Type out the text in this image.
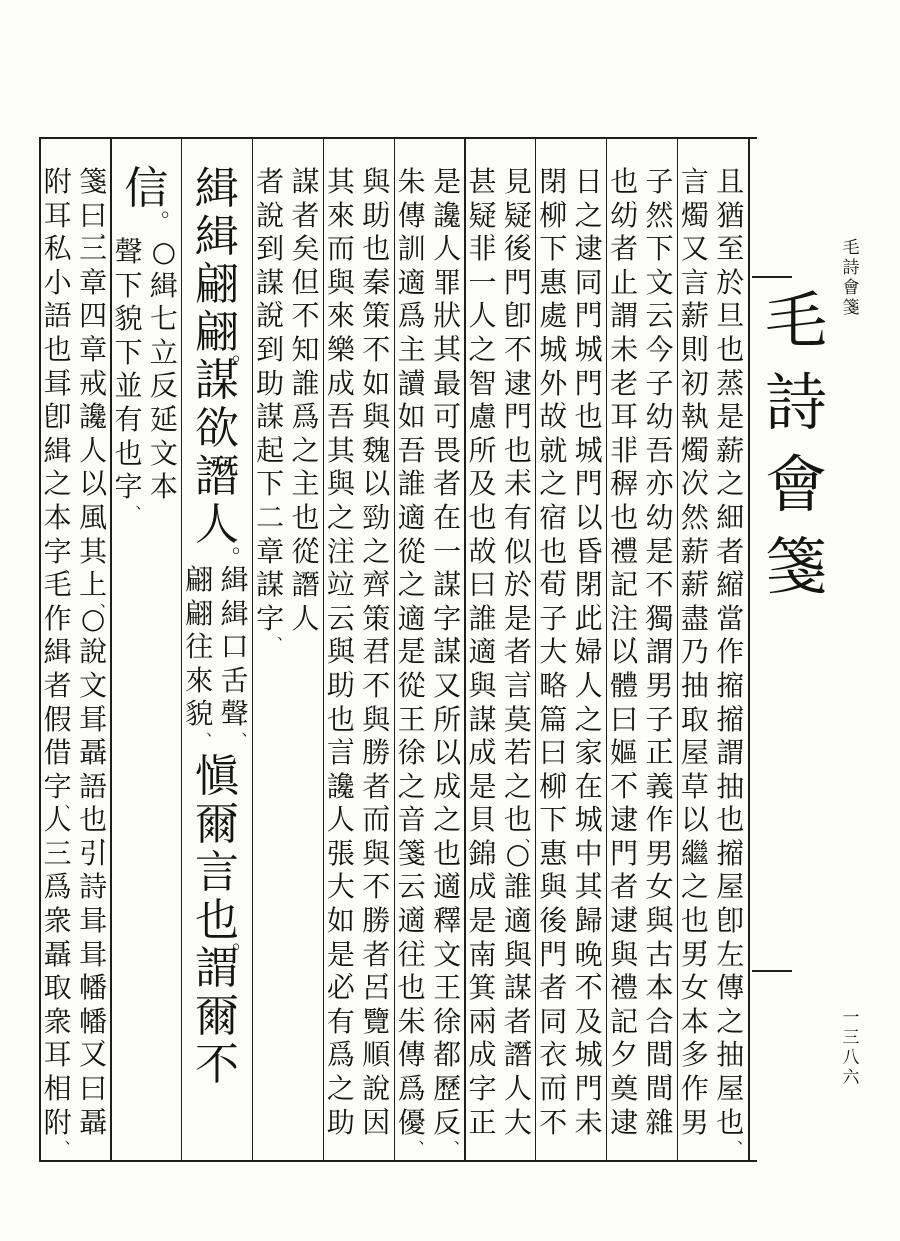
毛
詩
會
箋
毛
詩
會
箋
一
三
八
六
且
猶
至
於
旦
也
、
蒸
是
薪
之
細
者
、
縮
當
作
摍
、
摍
謂
抽
也
、
摍
屋
卽
左
傳
之
抽
屋
也
、
言
燭
又
言
薪
、
則
初
執
燭
、
次
然
薪
、
薪
盡
乃
抽
取
屋
草
以
繼
之
也
、
男
女
本
多
作
男
子
、
然
下
文
云
今
子
幼
吾
亦
幼
、
是
不
獨
謂
男
子
、
正
義
作
男
女
、
與
古
本
合
、
間
、
間
雜
也
、
幼
者
止
謂
未
老
耳
、
非
稺
也
、
禮
記
注
、
以
體
曰
嫗
、
不
逮
門
者
、
逮
與
禮
記
夕
奠
逮
日
之
逮
同
、
門
、
城
門
也
、
城
門
以
昏
閉
、
此
婦
人
之
家
在
城
中
、
其
歸
晚
、
不
及
城
門
未
閉
、
柳
下
惠
處
城
外
、
故
就
之
宿
也
、
荀
子
大
略
篇
曰
、
柳
下
惠
與
後
門
者
同
衣
、
而
不
見
疑
、
後
門
卽
不
逮
門
也
、
未
有
似
於
是
者
、
言
莫
若
之
也
、
○
誰
適
與
謀
者
、
譖
人
大
甚
疑
、
非
一
人
之
智
慮
所
及
也
、
故
曰
誰
適
與
謀
、
成
是
貝
錦
、
成
是
南
箕
、
兩
成
字
正
是
讒
人
罪
狀
、
其
最
可
畏
者
在
一
謀
字
、
謀
又
所
以
成
之
也
、
適
、
釋
文
王
徐
都
歷
反
、
朱
傳
訓
適
爲
主
、
讀
如
吾
誰
適
從
之
適
、
是
從
王
徐
之
音
、
箋
云
、
適
、
往
也
、
朱
傳
爲
優
、
與
、
助
也
、
秦
策
不
如
與
魏
以
勁
之
、
齊
策
、
君
不
與
勝
者
、
而
與
不
勝
者
、
呂
覽
順
說
、
因
其
來
而
與
來
樂
成
吾
其
與
之
、
注
竝
云
、
與
、
助
也
、
言
讒
人
張
大
如
是
、
必
有
爲
之
助
謀
者
矣
、
但
不
知
誰
爲
之
主
也
、
從
譖
人
者
說
到
謀
、
說
到
助
謀
、
起
下
二
章
謀
字
、
緝
緝
翩
翩
。
謀
欲
譖
人
。
緝
緝
口
舌
聲
、
翩
翩
往
來
貌
、
愼
爾
言
也
。
謂
爾
不
信
。
○
緝
七
立
反
、
延
文
本
聲
下
貌
下
並
有
也
字
、
箋
曰
、
三
章
四
章
戒
讒
人
以
風
其
上
、
○
說
文
、
咠
、
聶
語
也
、
引
詩
咠
咠
幡
幡
、
又
曰
、
聶
附
耳
私
小
語
也
、
咠
卽
緝
之
本
字
、
毛
作
緝
者
假
借
字
、
人
三
爲
衆
、
聶
取
衆
耳
相
附
、
